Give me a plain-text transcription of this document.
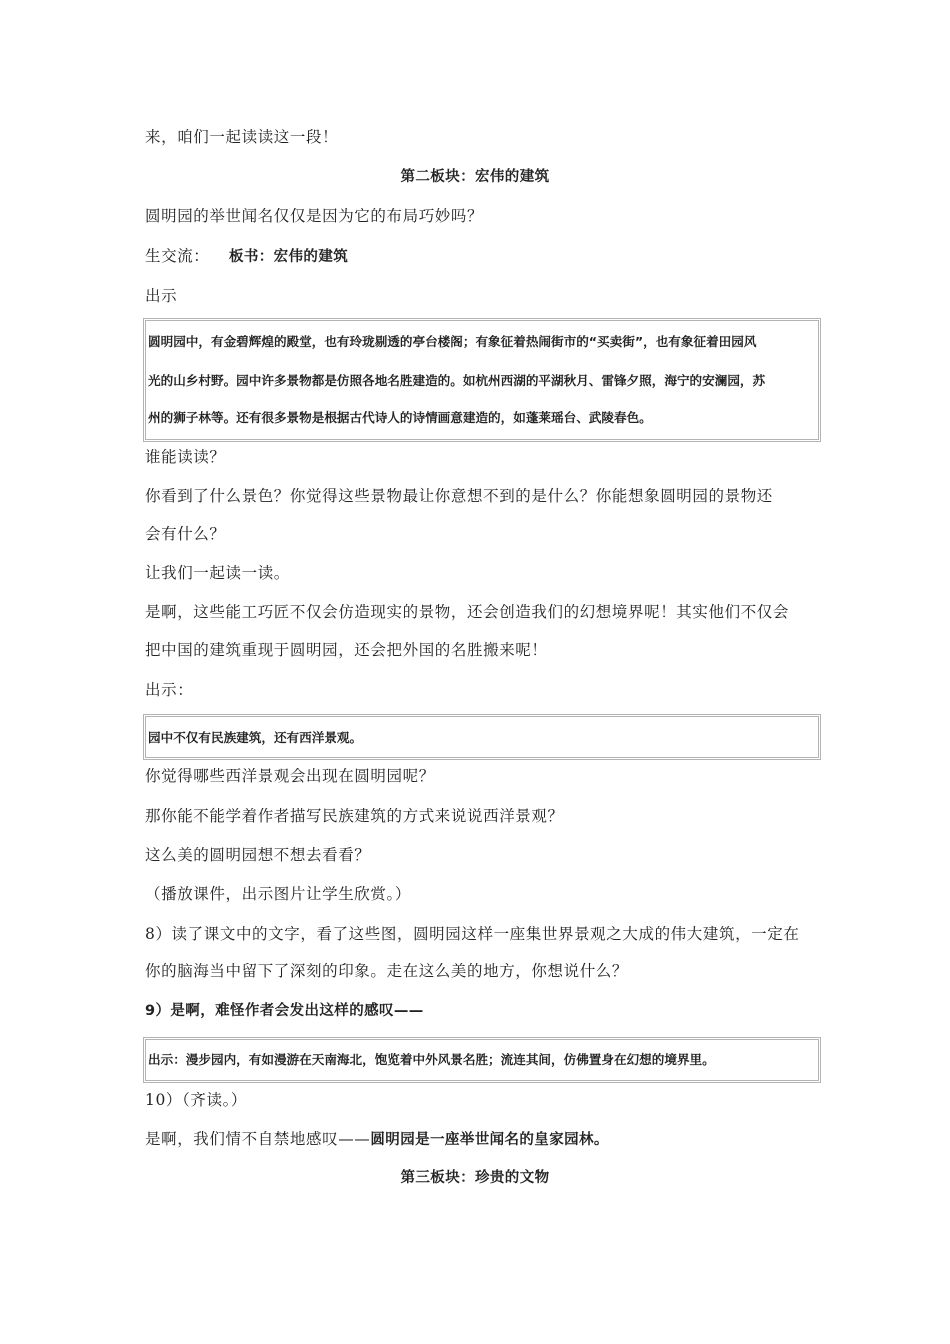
来，咱们一起读读这一段！
第二板块：宏伟的建筑
圆明园的举世闻名仅仅是因为它的布局巧妙吗？
生交流： 板书：宏伟的建筑
出示
圆明园中，有金碧辉煌的殿堂，也有玲珑剔透的亭台楼阁；有象征着热闹街市的“买卖街”，也有象征着田园风
光的山乡村野。园中许多景物都是仿照各地名胜建造的。如杭州西湖的平湖秋月、雷锋夕照，海宁的安澜园，苏
州的狮子林等。还有很多景物是根据古代诗人的诗情画意建造的，如蓬莱瑶台、武陵春色。
谁能读读？
你看到了什么景色？你觉得这些景物最让你意想不到的是什么？你能想象圆明园的景物还
会有什么？
让我们一起读一读。
是啊，这些能工巧匠不仅会仿造现实的景物，还会创造我们的幻想境界呢！其实他们不仅会
把中国的建筑重现于圆明园，还会把外国的名胜搬来呢！
出示：
园中不仅有民族建筑，还有西洋景观。
你觉得哪些西洋景观会出现在圆明园呢？
那你能不能学着作者描写民族建筑的方式来说说西洋景观？
这么美的圆明园想不想去看看？
（播放课件，出示图片让学生欣赏。）
8）读了课文中的文字，看了这些图，圆明园这样一座集世界景观之大成的伟大建筑，一定在
你的脑海当中留下了深刻的印象。走在这么美的地方，你想说什么？
9）是啊，难怪作者会发出这样的感叹——
出示：漫步园内，有如漫游在天南海北，饱览着中外风景名胜；流连其间，仿佛置身在幻想的境界里。
10）（齐读。）
是啊，我们情不自禁地感叹——圆明园是一座举世闻名的皇家园林。
第三板块：珍贵的文物
